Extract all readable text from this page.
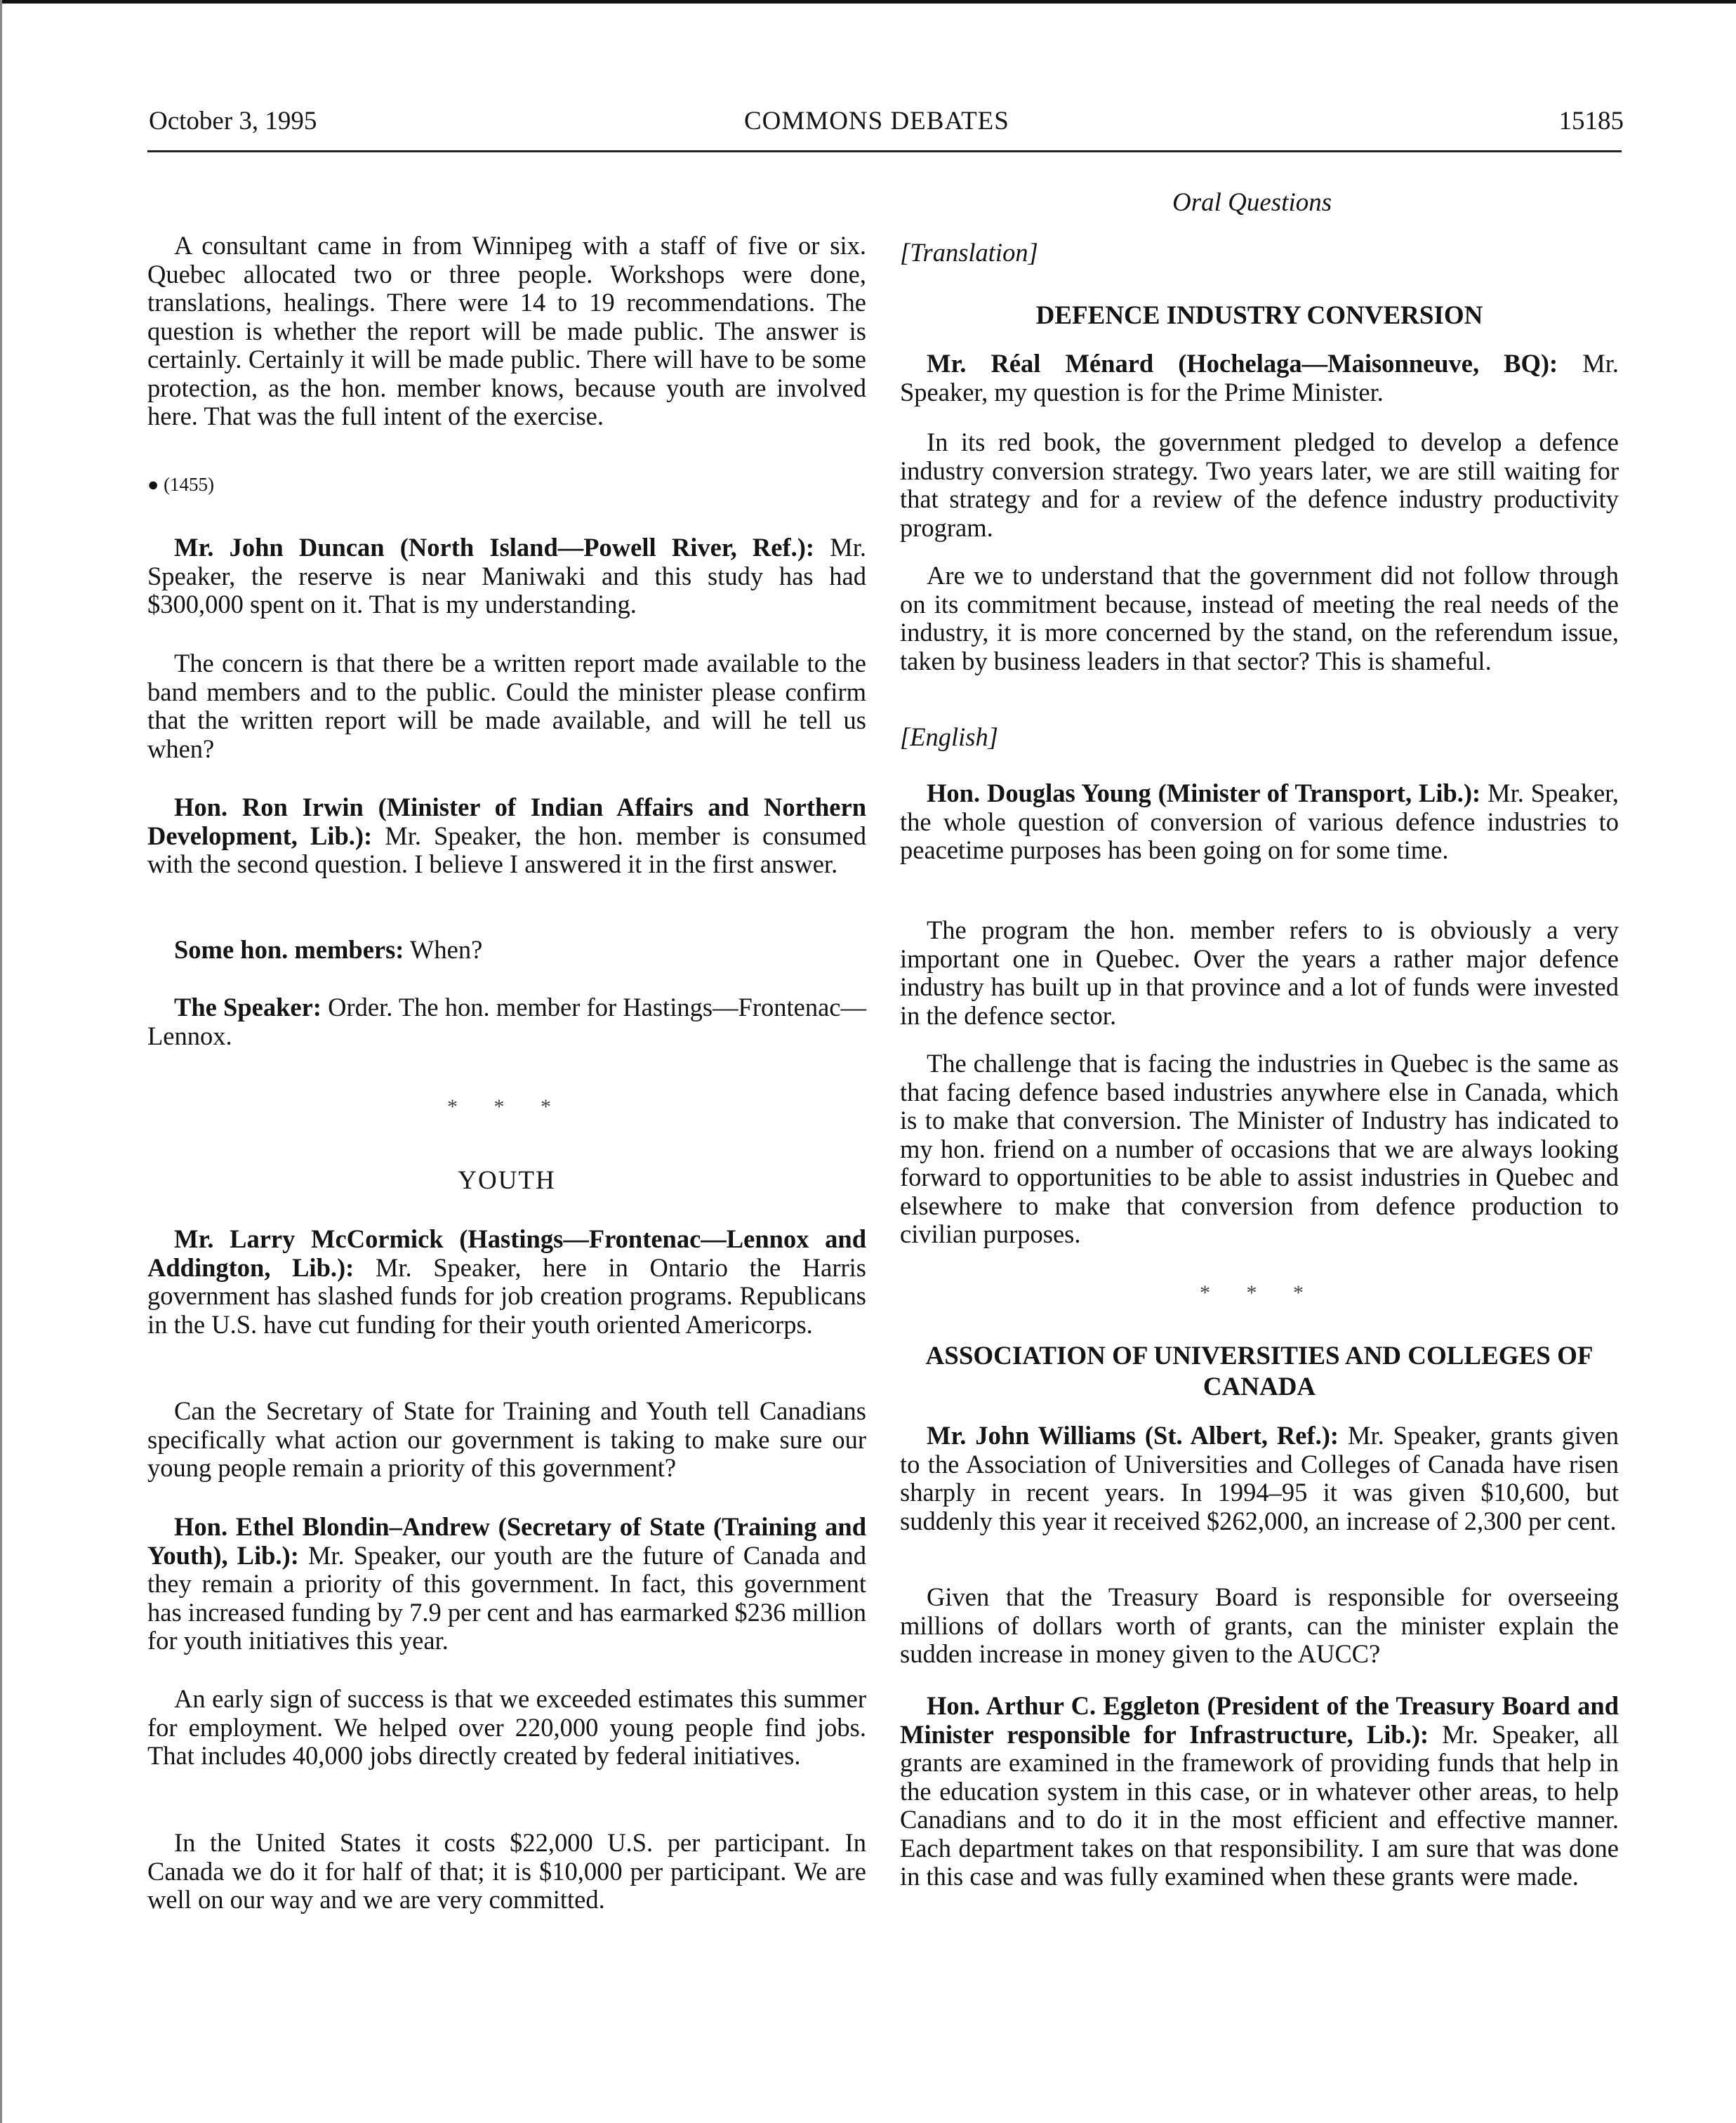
October 3, 1995	COMMONS DEBATES	15185
Oral Questions

A consultant came in from Winnipeg with a staff of five or six. Quebec allocated two or three people. Workshops were done, translations, healings. There were 14 to 19 recommendations. The question is whether the report will be made public. The answer is certainly. Certainly it will be made public. There will have to be some protection, as the hon. member knows, because youth are involved here. That was the full intent of the exercise.

● (1455)

Mr. John Duncan (North Island—Powell River, Ref.): Mr. Speaker, the reserve is near Maniwaki and this study has had $300,000 spent on it. That is my understanding.

The concern is that there be a written report made available to the band members and to the public. Could the minister please confirm that the written report will be made available, and will he tell us when?

Hon. Ron Irwin (Minister of Indian Affairs and Northern Development, Lib.): Mr. Speaker, the hon. member is consumed with the second question. I believe I answered it in the first answer.

Some hon. members: When?

The Speaker: Order. The hon. member for Hastings—Frontenac—Lennox.

* * *
YOUTH

Mr. Larry McCormick (Hastings—Frontenac—Lennox and Addington, Lib.): Mr. Speaker, here in Ontario the Harris government has slashed funds for job creation programs. Republicans in the U.S. have cut funding for their youth oriented Americorps.

Can the Secretary of State for Training and Youth tell Canadians specifically what action our government is taking to make sure our young people remain a priority of this government?

Hon. Ethel Blondin–Andrew (Secretary of State (Training and Youth), Lib.): Mr. Speaker, our youth are the future of Canada and they remain a priority of this government. In fact, this government has increased funding by 7.9 per cent and has earmarked $236 million for youth initiatives this year.

An early sign of success is that we exceeded estimates this summer for employment. We helped over 220,000 young people find jobs. That includes 40,000 jobs directly created by federal initiatives.

In the United States it costs $22,000 U.S. per participant. In Canada we do it for half of that; it is $10,000 per participant. We are well on our way and we are very committed.

[Translation]

DEFENCE INDUSTRY CONVERSION

Mr. Réal Ménard (Hochelaga—Maisonneuve, BQ): Mr. Speaker, my question is for the Prime Minister.

In its red book, the government pledged to develop a defence industry conversion strategy. Two years later, we are still waiting for that strategy and for a review of the defence industry productivity program.

Are we to understand that the government did not follow through on its commitment because, instead of meeting the real needs of the industry, it is more concerned by the stand, on the referendum issue, taken by business leaders in that sector? This is shameful.

[English]

Hon. Douglas Young (Minister of Transport, Lib.): Mr. Speaker, the whole question of conversion of various defence industries to peacetime purposes has been going on for some time.

The program the hon. member refers to is obviously a very important one in Quebec. Over the years a rather major defence industry has built up in that province and a lot of funds were invested in the defence sector.

The challenge that is facing the industries in Quebec is the same as that facing defence based industries anywhere else in Canada, which is to make that conversion. The Minister of Industry has indicated to my hon. friend on a number of occasions that we are always looking forward to opportunities to be able to assist industries in Quebec and elsewhere to make that conversion from defence production to civilian purposes.

* * *
ASSOCIATION OF UNIVERSITIES AND COLLEGES OF CANADA

Mr. John Williams (St. Albert, Ref.): Mr. Speaker, grants given to the Association of Universities and Colleges of Canada have risen sharply in recent years. In 1994–95 it was given $10,600, but suddenly this year it received $262,000, an increase of 2,300 per cent.

Given that the Treasury Board is responsible for overseeing millions of dollars worth of grants, can the minister explain the sudden increase in money given to the AUCC?

Hon. Arthur C. Eggleton (President of the Treasury Board and Minister responsible for Infrastructure, Lib.): Mr. Speaker, all grants are examined in the framework of providing funds that help in the education system in this case, or in whatever other areas, to help Canadians and to do it in the most efficient and effective manner. Each department takes on that responsibility. I am sure that was done in this case and was fully examined when these grants were made.
